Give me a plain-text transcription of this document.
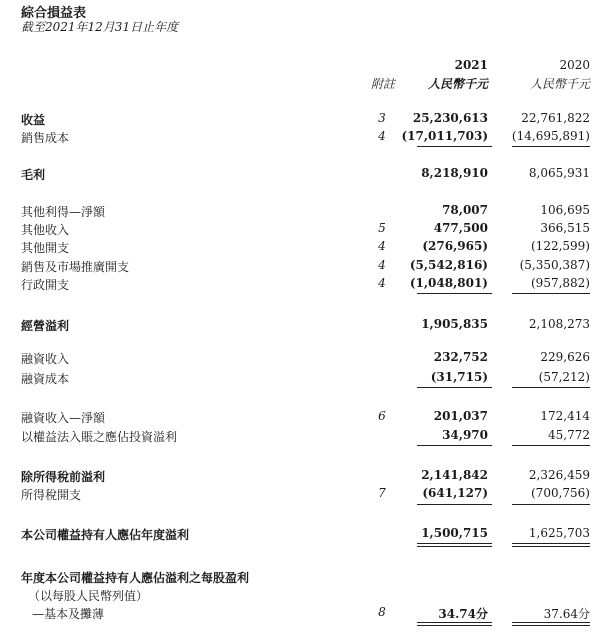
綜合損益表
截至2021年12月31日止年度
2021	2020
附註	人民幣千元	人民幣千元
收益	3 25,230,613	22,761,822
銷售成本	4 (17,011,703) (14,695,891)
毛利	8,218,910	8,065,931
其他利得—淨額	78,007	106,695
其他收入	5	477,500	366,515
其他開支	4	(276,965)	(122,599)
銷售及市場推廣開支	4 (5,542,816)	(5,350,387)
行政開支	4 (1,048,801)	(957,882)
經營溢利	1,905,835	2,108,273
融資收入	232,752	229,626
融資成本	(31,715)	(57,212)
融資收入—淨額	6	201,037	172,414
以權益法入賬之應佔投資溢利	34,970	45,772
除所得稅前溢利	2,141,842	2,326,459
所得稅開支	7	(641,127)	(700,756)
本公司權益持有人應佔年度溢利	1,500,715	1,625,703
年度本公司權益持有人應佔溢利之每股盈利
（以每股人民幣列值）
—基本及攤薄	8	34.74分	37.64分
